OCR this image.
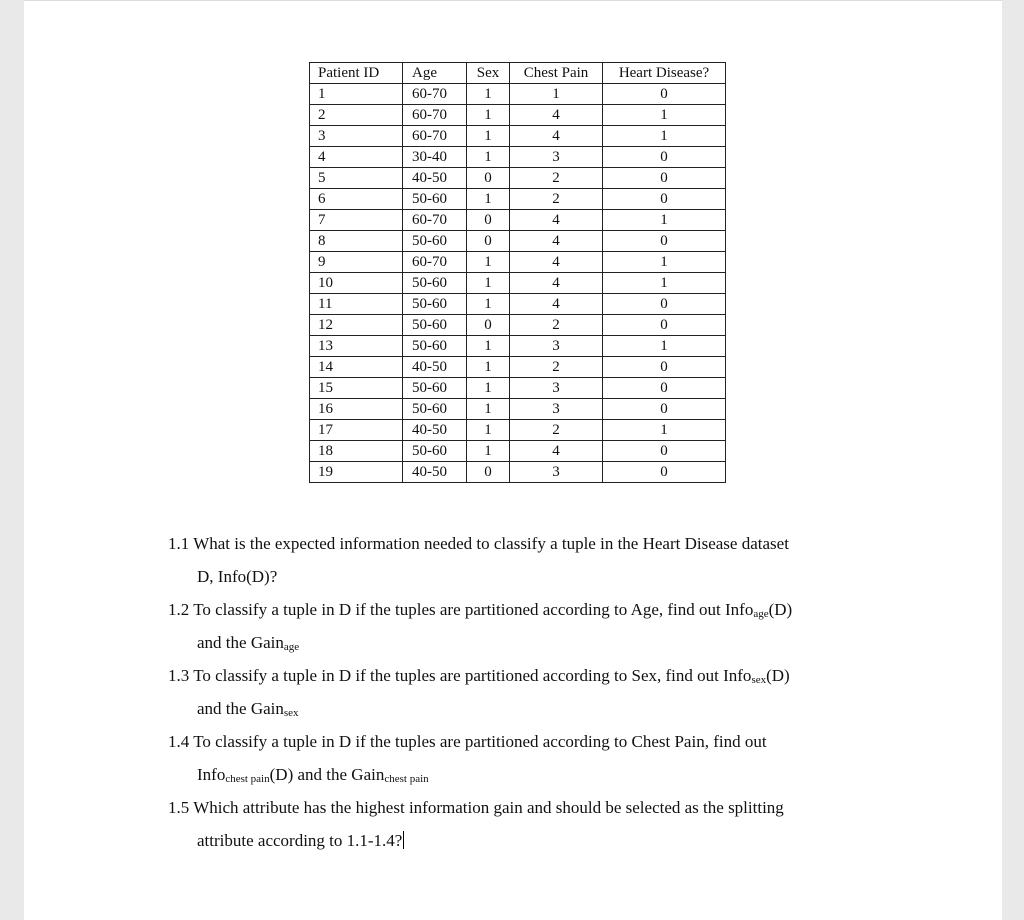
Patient ID	Age	Sex	Chest Pain	Heart Disease?
1	60-70	1	1	0
2	60-70	1	4	1
3	60-70	1	4	1
4	30-40	1	3	0
5	40-50	0	2	0
6	50-60	1	2	0
7	60-70	0	4	1
8	50-60	0	4	0
9	60-70	1	4	1
10	50-60	1	4	1
11	50-60	1	4	0
12	50-60	0	2	0
13	50-60	1	3	1
14	40-50	1	2	0
15	50-60	1	3	0
16	50-60	1	3	0
17	40-50	1	2	1
18	50-60	1	4	0
19	40-50	0	3	0

1.1 What is the expected information needed to classify a tuple in the Heart Disease dataset
D, Info(D)?

1.2 To classify a tuple in D if the tuples are partitioned according to Age, find out Infoage(D)
and the Gainage

1.3 To classify a tuple in D if the tuples are partitioned according to Sex, find out Infosex(D)
and the Gainsex

1.4 To classify a tuple in D if the tuples are partitioned according to Chest Pain, find out
Infochest pain(D) and the Gainchest pain

1.5 Which attribute has the highest information gain and should be selected as the splitting
attribute according to 1.1-1.4?
